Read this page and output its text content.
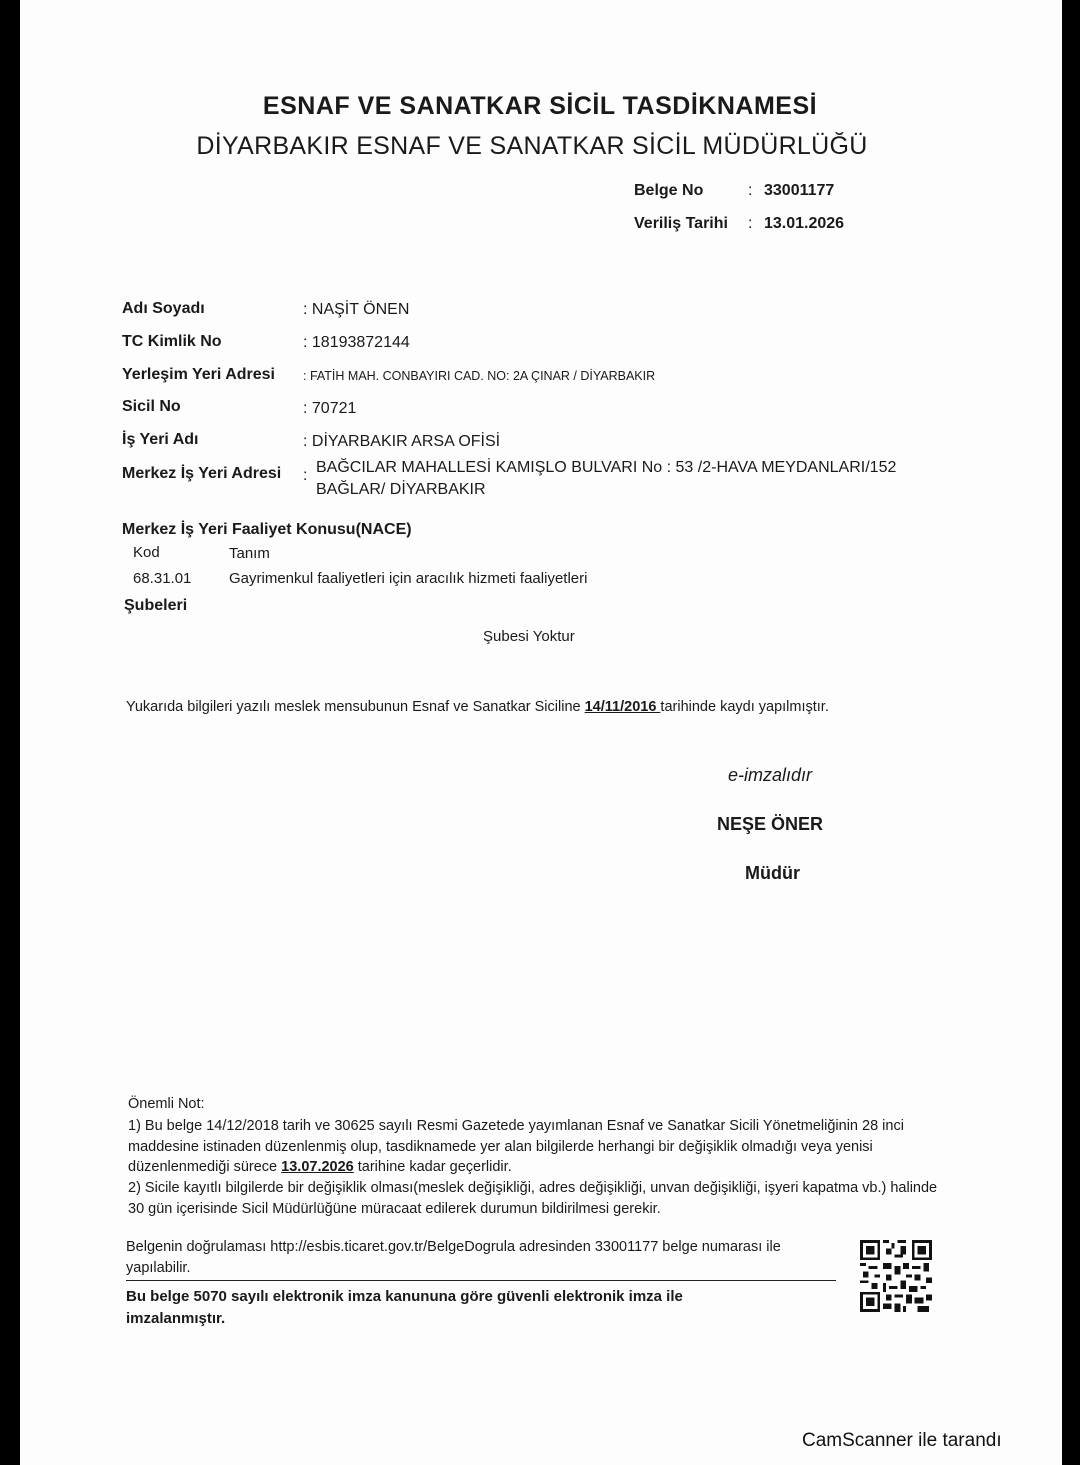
ESNAF VE SANATKAR SİCİL TASDİKNAMESİ
DİYARBAKIR ESNAF VE SANATKAR SİCİL MÜDÜRLÜĞÜ
Belge No	: 33001177
Veriliş Tarihi : 13.01.2026
Adı Soyadı	: NAŞİT ÖNEN
TC Kimlik No	: 18193872144
Yerleşim Yeri Adresi : FATİH MAH. CONBAYIRI CAD. NO: 2A ÇINAR / DİYARBAKIR
Sicil No	: 70721
İş Yeri Adı	: DİYARBAKIR ARSA OFİSİ
Merkez İş Yeri Adresi : BAĞCILAR MAHALLESİ KAMIŞLO BULVARI No : 53 /2-HAVA MEYDANLARI/152
BAĞLAR/ DİYARBAKIR
Merkez İş Yeri Faaliyet Konusu(NACE)
Kod	Tanım
68.31.01	Gayrimenkul faaliyetleri için aracılık hizmeti faaliyetleri
Şubeleri
Şubesi Yoktur
Yukarıda bilgileri yazılı meslek mensubunun Esnaf ve Sanatkar Siciline 14/11/2016 tarihinde kaydı yapılmıştır.
e-imzalıdır
NEŞE ÖNER
Müdür
Önemli Not:
1) Bu belge 14/12/2018 tarih ve 30625 sayılı Resmi Gazetede yayımlanan Esnaf ve Sanatkar Sicili Yönetmeliğinin 28 inci maddesine istinaden düzenlenmiş olup, tasdiknamede yer alan bilgilerde herhangi bir değişiklik olmadığı veya yenisi düzenlenmediği sürece 13.07.2026 tarihine kadar geçerlidir.
2) Sicile kayıtlı bilgilerde bir değişiklik olması(meslek değişikliği, adres değişikliği, unvan değişikliği, işyeri kapatma vb.) halinde 30 gün içerisinde Sicil Müdürlüğüne müracaat edilerek durumun bildirilmesi gerekir.
Belgenin doğrulaması http://esbis.ticaret.gov.tr/BelgeDogrula adresinden 33001177 belge numarası ile yapılabilir.
Bu belge 5070 sayılı elektronik imza kanununa göre güvenli elektronik imza ile imzalanmıştır.
CamScanner ile tarandı
